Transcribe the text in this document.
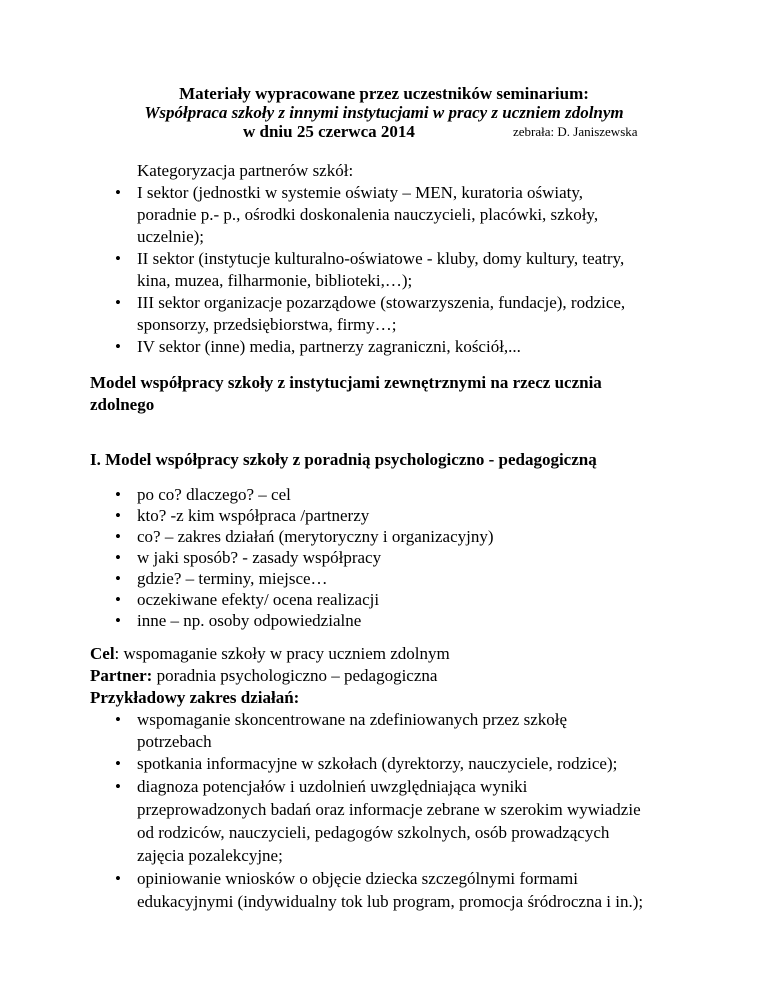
Materiały wypracowane przez uczestników seminarium:
Współpraca szkoły z innymi instytucjami w pracy z uczniem zdolnym
w dniu 25 czerwca 2014	zebrała: D. Janiszewska
Kategoryzacja partnerów szkół:
• I sektor (jednostki w systemie oświaty – MEN, kuratoria oświaty,
poradnie p.- p., ośrodki doskonalenia nauczycieli, placówki, szkoły,
uczelnie);
• II sektor (instytucje kulturalno-oświatowe - kluby, domy kultury, teatry,
kina, muzea, filharmonie, biblioteki,…);
• III sektor organizacje pozarządowe (stowarzyszenia, fundacje), rodzice,
sponsorzy, przedsiębiorstwa, firmy…;
• IV sektor (inne) media, partnerzy zagraniczni, kościół,...
Model współpracy szkoły z instytucjami zewnętrznymi na rzecz ucznia
zdolnego
I. Model współpracy szkoły z poradnią psychologiczno - pedagogiczną
• po co? dlaczego? – cel
• kto? -z kim współpraca /partnerzy
• co? – zakres działań (merytoryczny i organizacyjny)
• w jaki sposób? - zasady współpracy
• gdzie? – terminy, miejsce…
• oczekiwane efekty/ ocena realizacji
• inne – np. osoby odpowiedzialne
Cel: wspomaganie szkoły w pracy uczniem zdolnym
Partner: poradnia psychologiczno – pedagogiczna
Przykładowy zakres działań:
• wspomaganie skoncentrowane na zdefiniowanych przez szkołę
potrzebach
• spotkania informacyjne w szkołach (dyrektorzy, nauczyciele, rodzice);
• diagnoza potencjałów i uzdolnień uwzględniająca wyniki
przeprowadzonych badań oraz informacje zebrane w szerokim wywiadzie
od rodziców, nauczycieli, pedagogów szkolnych, osób prowadzących
zajęcia pozalekcyjne;
• opiniowanie wniosków o objęcie dziecka szczególnymi formami
edukacyjnymi (indywidualny tok lub program, promocja śródroczna i in.);
